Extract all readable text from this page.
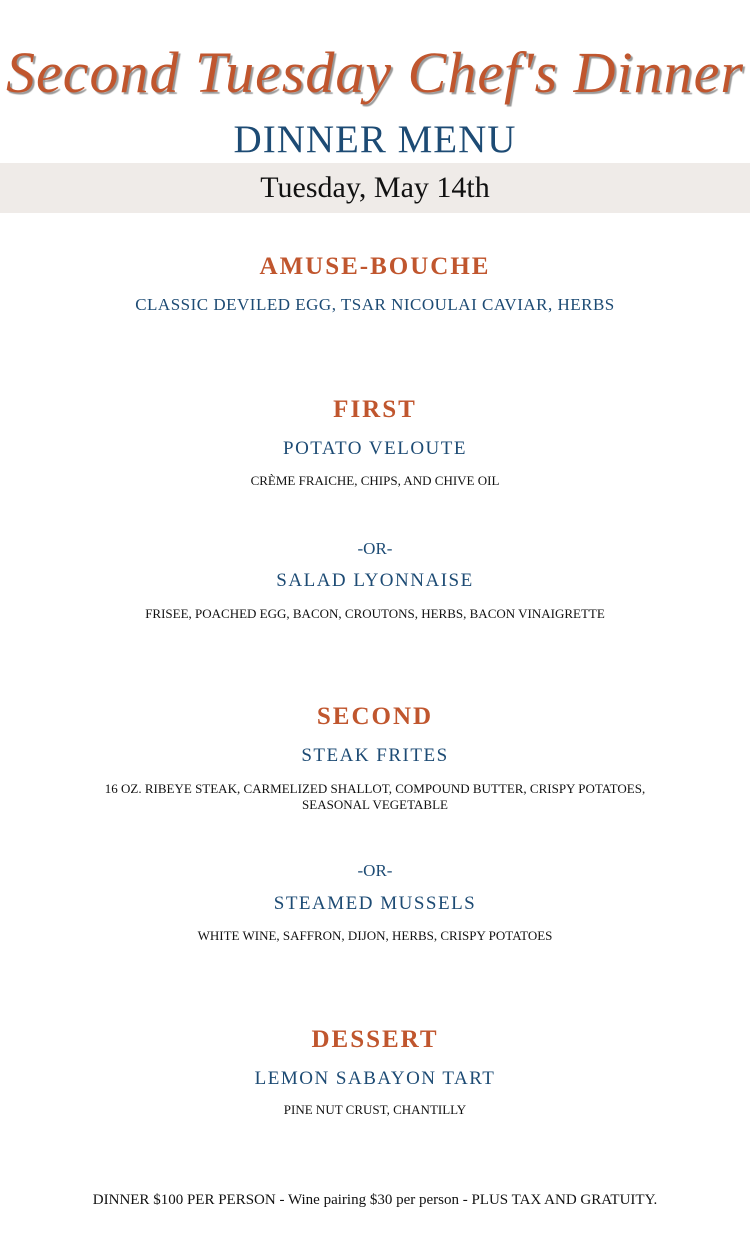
Second Tuesday Chef's Dinner
DINNER MENU
Tuesday, May 14th
AMUSE-BOUCHE
CLASSIC DEVILED EGG, TSAR NICOULAI CAVIAR, HERBS
FIRST
POTATO VELOUTE
CRÈME FRAICHE, CHIPS, AND CHIVE OIL
-OR-
SALAD LYONNAISE
FRISEE, POACHED EGG, BACON, CROUTONS, HERBS, BACON VINAIGRETTE
SECOND
STEAK FRITES
16 OZ. RIBEYE STEAK, CARMELIZED SHALLOT, COMPOUND BUTTER, CRISPY POTATOES,
SEASONAL VEGETABLE
-OR-
STEAMED MUSSELS
WHITE WINE, SAFFRON, DIJON, HERBS, CRISPY POTATOES
DESSERT
LEMON SABAYON TART
PINE NUT CRUST, CHANTILLY
DINNER $100 PER PERSON - Wine pairing $30 per person - PLUS TAX AND GRATUITY.
